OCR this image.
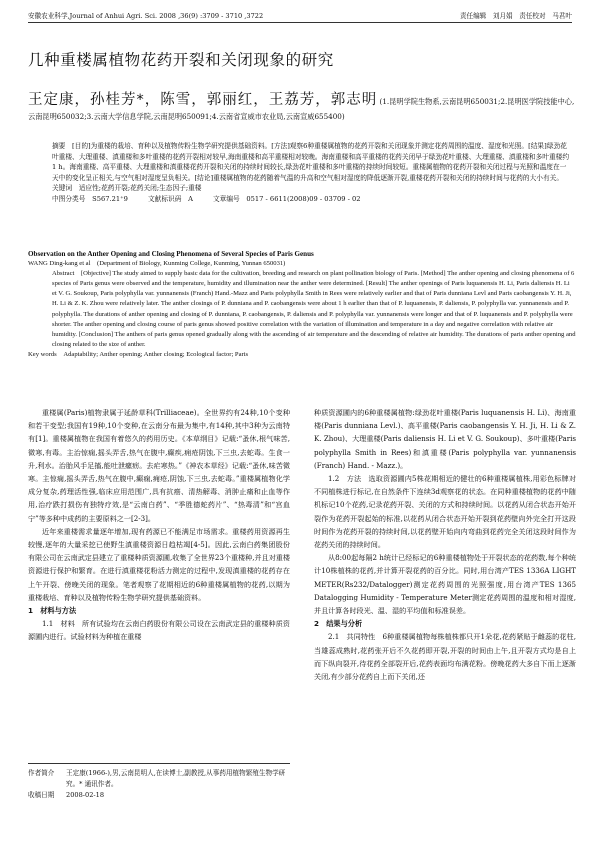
安徽农业科学,Journal of Anhui Agri. Sci. 2008 ,36(9) :3709 - 3710 ,3722	责任编辑　刘月娟　责任校对　马君叶
几种重楼属植物花药开裂和关闭现象的研究
王定康，孙桂芳*，陈雪，郭丽红，王荔芳，郭志明 (1.昆明学院生物系,云南昆明650031;2.昆明医学院技能中心,云南昆明650032;3.云南大学信息学院,云南昆明650091;4.云南省宣威市农业局,云南宣威655400)
摘要　[目的]为重楼的栽培、育种以及植物传粉生物学研究提供基础资料。[方法]观察6种重楼属植物的花药开裂和关闭现象并测定花药周围的温度、湿度和光照。[结果]绿劲花叶重楼、大理重楼、滇重楼和多叶重楼的花药开裂相对较早,海南重楼和高平重楼相对较晚。海南重楼和高平重楼的花药关闭早于绿劲花叶重楼、大理重楼、滇重楼和多叶重楼约1 h。海南重楼、高平重楼、大理重楼和滇重楼花药开裂和关闭的持续时间较长,绿劲花叶重楼和多叶重楼的持续时间较短。重楼属植物的花药开裂和关闭过程与光照和温度在一天中的变化呈正相关,与空气相对湿度呈负相关。[结论]重楼属植物的花药随着气温的升高和空气相对湿度的降低逐渐开裂,重楼花药开裂和关闭的持续时间与花药的大小有关。
关键词　适应性;花药开裂;花药关闭;生态因子;重楼
中图分类号　S567.21⁺9　　　文献标识码　A　　　文章编号　0517 - 6611(2008)09 - 03709 - 02
Observation on the Anther Opening and Closing Phenomena of Several Species of Paris Genus
WANG Ding-kang et al　(Department of Biology, Kunming College, Kunming, Yunnan 650031)
Abstract　[Objective] The study aimed to supply basic data for the cultivation, breeding and research on plant pollination biology of Paris. [Method] The anther opening and closing phenomena of 6 species of Paris genus were observed and the temperature, humidity and illumination near the anther were determined. [Result] The anther openings of Paris luquanensis H. Li, Paris daliensis H. Li et V. G. Soukoup, Paris polyphylla var. yunnanensis (Franch) Hand.-Mazz and Paris polyphylla Smith in Rees were relatively earlier and that of Paris dunniana Levl and Paris caobangensis Y. H. Ji, H. Li & Z. K. Zhou were relatively later. The anther closings of P. dunniana and P. caobangensis were about 1 h earlier than that of P. luquanensis, P. daliensis, P. polyphylla var. yunnanensis and P. polyphylla. The durations of anther opening and closing of P. dunniana, P. caobangensis, P. daliensis and P. polyphylla var. yunnanensis were longer and that of P. luquanensis and P. polyphylla were shorter. The anther opening and closing course of paris genus showed positive correlation with the variation of illumination and temperature in a day and negative correlation with relative air humidity. [Conclusion] The anthers of paris genus opened gradually along with the ascending of air temperature and the descending of relative air humidity. The durations of paris anther opening and closing related to the size of anther.
Key words　Adaptability; Anther opening; Anther closing; Ecological factor; Paris

重楼属(Paris)植物隶属于延龄草科(Trilliaceae)。全世界约有24种,10个变种和若干变型;我国有19种,10个变种,在云南分布最为集中,有14种,其中3种为云南特有[1]。重楼属植物在我国有着悠久的药用历史。《本草纲目》记载:“蚤休,根气味苦,微寒,有毒。主治惊痫,摇头弄舌,热气在腹中,癫疾,痈疮阴蚀,下三虫,去蛇毒。生食一升,利水。治胎风手足搐,能吐泄瘰疬。去疟寒热。”《神农本草经》记载:“蚤休,味苦微寒。主惊痫,摇头弄舌,热气在腹中,癫痫,痈疮,阴蚀,下三虫,去蛇毒。”重楼属植物化学成分复杂,药理活性强,临床应用范围广,具有抗癌、清热解毒、消肿止痛和止血等作用,治疗跌打损伤有独特疗效,是“云南白药”、“季胜德蛇药片”、“热毒清”和“宫血宁”等多种中成药的主要原料之一[2-3]。

近年来重楼需求量逐年增加,现有药源已不能满足市场需求。重楼药用资源再生较慢,逐年的大量采挖已使野生滇重楼资源日趋枯竭[4-5]。因此,云南白药集团股份有限公司在云南武定县建立了重楼种质资源圃,收集了全世界23个重楼种,并且对重楼资源进行保护和繁育。在进行滇重楼花粉活力测定的过程中,发现滇重楼的花药存在上午开裂、傍晚关闭的现象。笔者观察了花期相近的6种重楼属植物的花药,以期为重楼栽培、育种以及植物传粉生物学研究提供基础资料。

1　材料与方法

1.1　材料　所有试验均在云南白药股份有限公司设在云南武定县的重楼种质资源圃内进行。试验材料为种植在重楼

作者简介	王定康(1966-),男,云南昆明人,在读博士,副教授,从事药用植物繁殖生物学研究。* 通讯作者。
收稿日期	2008-02-18

种质资源圃内的6种重楼属植物:绿劲花叶重楼(Paris luquanensis H. Li)、海南重楼(Paris dunniana Levl.)、高平重楼(Paris caobangensis Y. H. Ji, H. Li & Z. K. Zhou)、大理重楼(Paris daliensis H. Li et V. G. Soukoup)、多叶重楼(Paris polyphylla Smith in Rees)和滇重楼(Paris polyphylla var. yunnanensis (Franch) Hand. - Mazz.)。

1.2　方法　选取资源圃内5株花期相近的健壮的6种重楼属植株,用彩色标牌对不同植株进行标记,在自然条件下连续3d观察花的状态。在同种重楼植物的花药中随机标记10个花药,记录花药开裂、关闭的方式和持续时间。以花药从闭合状态开始开裂作为花药开裂起始的标准,以花药从闭合状态开始开裂到花药壁向外完全打开这段时间作为花药开裂的持续时间,以花药壁开始向内弯曲到花药完全关闭这段时间作为花药关闭的持续时间。

从8:00起每隔2 h统计已经标记的6种重楼植物处于开裂状态的花药数,每个种统计10株植株的花药,并计算开裂花药的百分比。同时,用台湾产TES 1336A LIGHT METER(Rs232/Datalogger)测定花药周围的光照强度,用台湾产TES 1365 Datalogging Humidity - Temperature Meter测定花药周围的温度和相对湿度,并且计算各时段光、温、湿的平均值和标准误差。

2　结果与分析

2.1　共同特性　6种重楼属植物每株植株都只开1朵花,花药紧贴于雌蕊的花柱,当雄蕊成熟时,花药张开后不久花药即开裂,开裂的时间由上午,且开裂方式均是自上而下纵向裂开,待花药全部裂开后,花药表面均布满花粉。傍晚花药大多自下而上逐渐关闭,有少部分花药自上而下关闭,还
